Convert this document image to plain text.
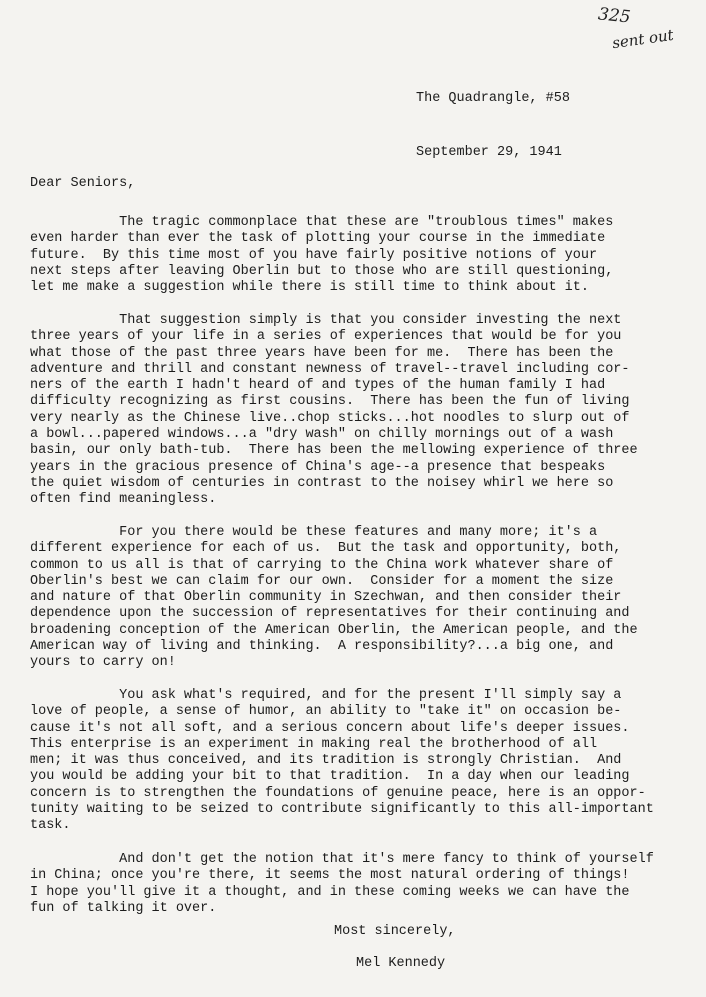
325
sent out

The Quadrangle, #58

September 29, 1941

Dear Seniors,
The tragic commonplace that these are "troublous times" makes
even harder than ever the task of plotting your course in the immediate
future.  By this time most of you have fairly positive notions of your
next steps after leaving Oberlin but to those who are still questioning,
let me make a suggestion while there is still time to think about it.
That suggestion simply is that you consider investing the next
three years of your life in a series of experiences that would be for you
what those of the past three years have been for me.  There has been the
adventure and thrill and constant newness of travel--travel including cor-
ners of the earth I hadn't heard of and types of the human family I had
difficulty recognizing as first cousins.  There has been the fun of living
very nearly as the Chinese live..chop sticks...hot noodles to slurp out of
a bowl...papered windows...a "dry wash" on chilly mornings out of a wash
basin, our only bath-tub.  There has been the mellowing experience of three
years in the gracious presence of China's age--a presence that bespeaks
the quiet wisdom of centuries in contrast to the noisey whirl we here so
often find meaningless.
For you there would be these features and many more; it's a
different experience for each of us.  But the task and opportunity, both,
common to us all is that of carrying to the China work whatever share of
Oberlin's best we can claim for our own.  Consider for a moment the size
and nature of that Oberlin community in Szechwan, and then consider their
dependence upon the succession of representatives for their continuing and
broadening conception of the American Oberlin, the American people, and the
American way of living and thinking.  A responsibility?...a big one, and
yours to carry on!
You ask what's required, and for the present I'll simply say a
love of people, a sense of humor, an ability to "take it" on occasion be-
cause it's not all soft, and a serious concern about life's deeper issues.
This enterprise is an experiment in making real the brotherhood of all
men; it was thus conceived, and its tradition is strongly Christian.  And
you would be adding your bit to that tradition.  In a day when our leading
concern is to strengthen the foundations of genuine peace, here is an oppor-
tunity waiting to be seized to contribute significantly to this all-important
task.
And don't get the notion that it's mere fancy to think of yourself
in China; once you're there, it seems the most natural ordering of things!
I hope you'll give it a thought, and in these coming weeks we can have the
fun of talking it over.
Most sincerely,
Mel Kennedy
